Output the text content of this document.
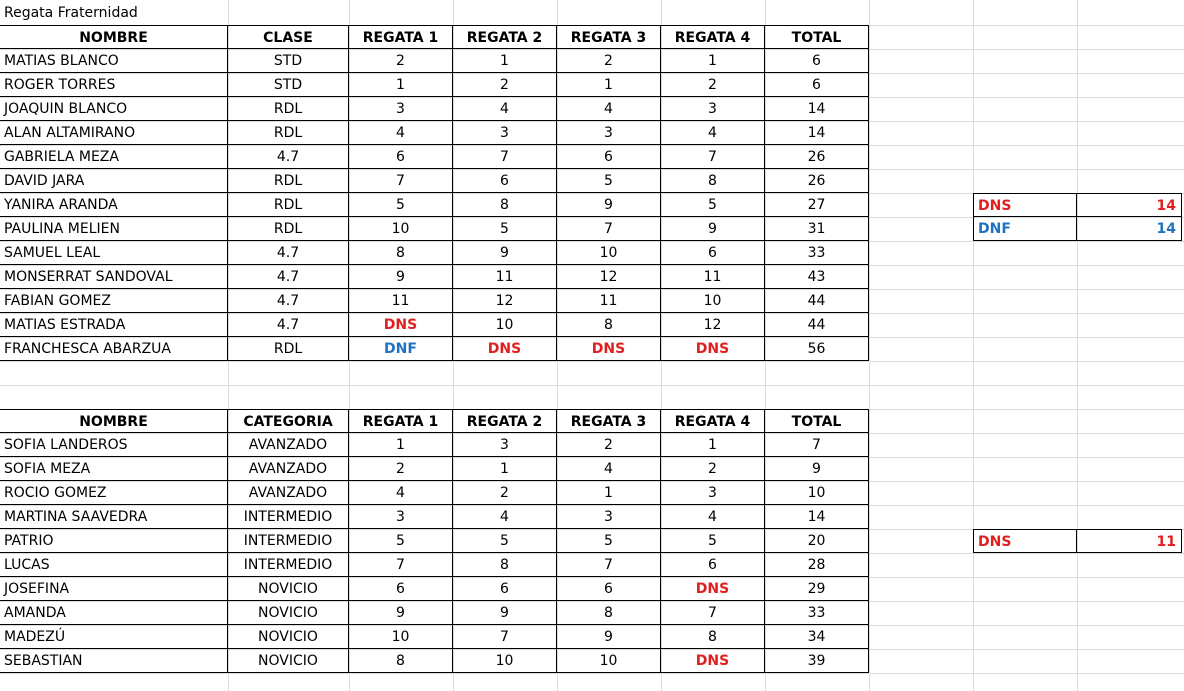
Regata Fraternidad
NOMBRE	CLASE	REGATA 1	REGATA 2	REGATA 3	REGATA 4	TOTAL
MATIAS BLANCO	STD	2	1	2	1	6
ROGER TORRES	STD	1	2	1	2	6
JOAQUIN BLANCO	RDL	3	4	4	3	14
ALAN ALTAMIRANO	RDL	4	3	3	4	14
GABRIELA MEZA	4.7	6	7	6	7	26
DAVID JARA	RDL	7	6	5	8	26
YANIRA ARANDA	RDL	5	8	9	5	27
PAULINA MELIEN	RDL	10	5	7	9	31
SAMUEL LEAL	4.7	8	9	10	6	33
MONSERRAT SANDOVAL	4.7	9	11	12	11	43
FABIAN GOMEZ	4.7	11	12	11	10	44
MATIAS ESTRADA	4.7	DNS	10	8	12	44
FRANCHESCA ABARZUA	RDL	DNF	DNS	DNS	DNS	56
NOMBRE	CATEGORIA	REGATA 1	REGATA 2	REGATA 3	REGATA 4	TOTAL
SOFIA LANDEROS	AVANZADO	1	3	2	1	7
SOFIA MEZA	AVANZADO	2	1	4	2	9
ROCIO GOMEZ	AVANZADO	4	2	1	3	10
MARTINA SAAVEDRA	INTERMEDIO	3	4	3	4	14
PATRIO	INTERMEDIO	5	5	5	5	20
LUCAS	INTERMEDIO	7	8	7	6	28
JOSEFINA	NOVICIO	6	6	6	DNS	29
AMANDA	NOVICIO	9	9	8	7	33
MADEZÚ	NOVICIO	10	7	9	8	34
SEBASTIAN	NOVICIO	8	10	10	DNS	39
DNS	14
DNF	14
DNS	11
